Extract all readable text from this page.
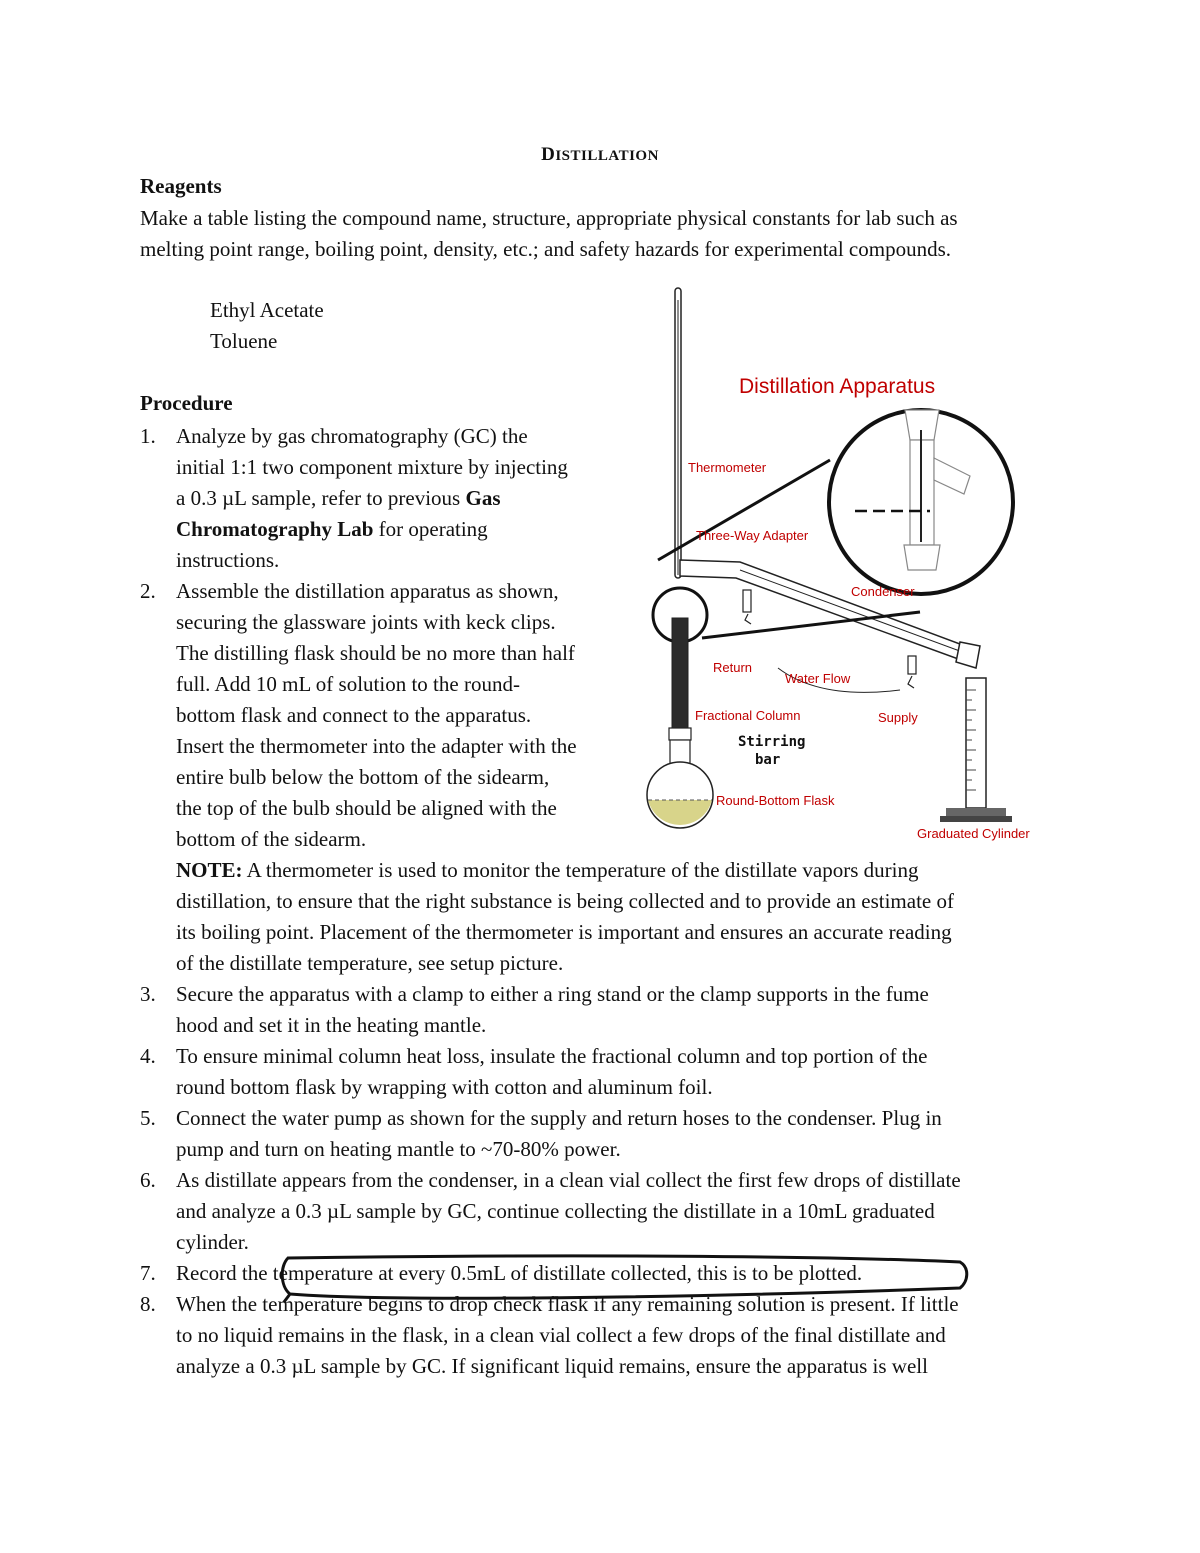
DISTILLATION
Reagents
Make a table listing the compound name, structure, appropriate physical constants for lab such as
melting point range, boiling point, density, etc.; and safety hazards for experimental compounds.
Ethyl Acetate
Toluene
Procedure
1. Analyze by gas chromatography (GC) the
initial 1:1 two component mixture by injecting
a 0.3 µL sample, refer to previous Gas
Chromatography Lab for operating
instructions.
2. Assemble the distillation apparatus as shown,
securing the glassware joints with keck clips.
The distilling flask should be no more than half
full. Add 10 mL of solution to the round-
bottom flask and connect to the apparatus.
Insert the thermometer into the adapter with the
entire bulb below the bottom of the sidearm,
the top of the bulb should be aligned with the
bottom of the sidearm.
NOTE: A thermometer is used to monitor the temperature of the distillate vapors during
distillation, to ensure that the right substance is being collected and to provide an estimate of
its boiling point. Placement of the thermometer is important and ensures an accurate reading
of the distillate temperature, see setup picture.
3. Secure the apparatus with a clamp to either a ring stand or the clamp supports in the fume
hood and set it in the heating mantle.
4. To ensure minimal column heat loss, insulate the fractional column and top portion of the
round bottom flask by wrapping with cotton and aluminum foil.
5. Connect the water pump as shown for the supply and return hoses to the condenser. Plug in
pump and turn on heating mantle to ~70-80% power.
6. As distillate appears from the condenser, in a clean vial collect the first few drops of distillate
and analyze a 0.3 µL sample by GC, continue collecting the distillate in a 10mL graduated
cylinder.
7. Record the temperature at every 0.5mL of distillate collected, this is to be plotted.
8. When the temperature begins to drop check flask if any remaining solution is present. If little
to no liquid remains in the flask, in a clean vial collect a few drops of the final distillate and
analyze a 0.3 µL sample by GC. If significant liquid remains, ensure the apparatus is well
Distillation Apparatus
Thermometer
Three-Way Adapter
Condenser
Return
Water Flow
Supply
Fractional Column
Round-Bottom Flask
Graduated Cylinder
Stirring
bar
